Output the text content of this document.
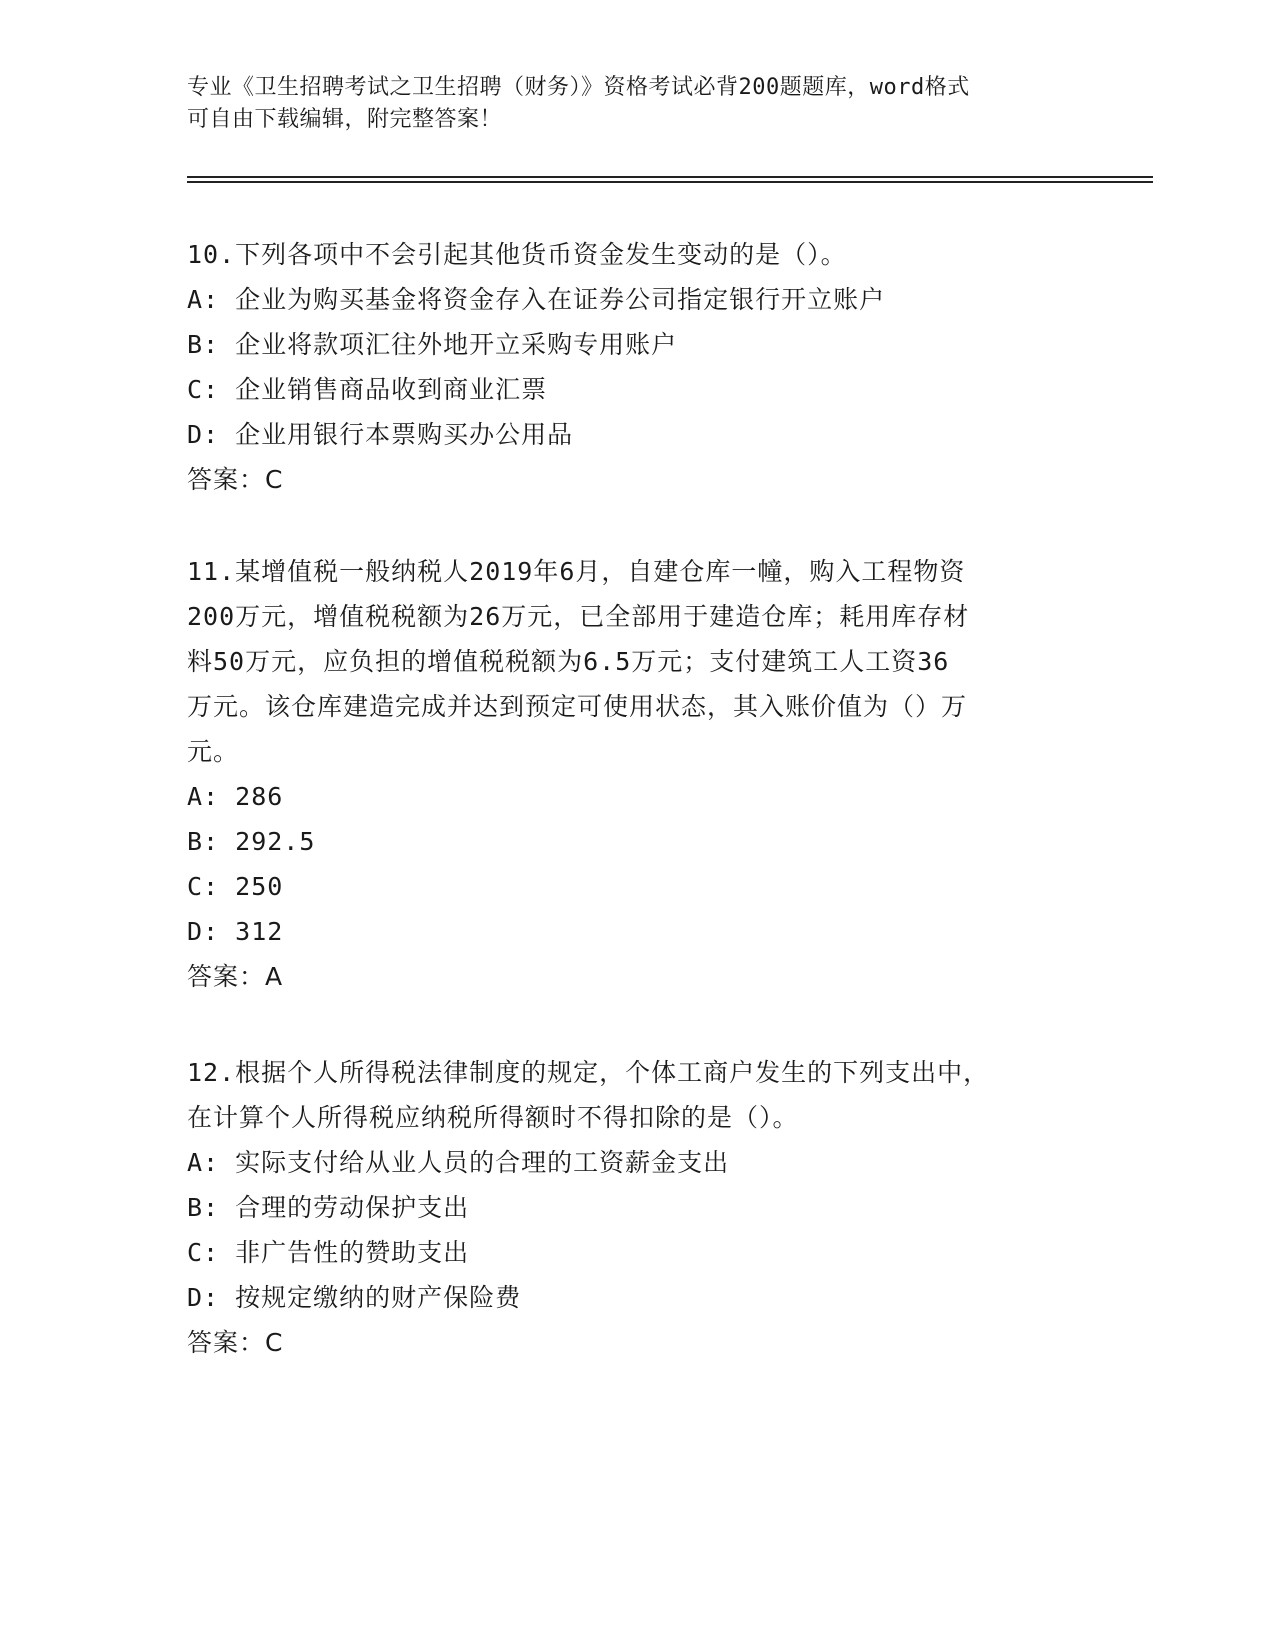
专业《卫生招聘考试之卫生招聘（财务）》资格考试必背200题题库，word格式
可自由下载编辑，附完整答案！

10.下列各项中不会引起其他货币资金发生变动的是（）。

A: 企业为购买基金将资金存入在证券公司指定银行开立账户

B: 企业将款项汇往外地开立采购专用账户

C: 企业销售商品收到商业汇票

D: 企业用银行本票购买办公用品

答案：C

11.某增值税一般纳税人2019年6月，自建仓库一幢，购入工程物资

200万元，增值税税额为26万元，已全部用于建造仓库；耗用库存材

料50万元，应负担的增值税税额为6.5万元；支付建筑工人工资36

万元。该仓库建造完成并达到预定可使用状态，其入账价值为（）万

元。

A: 286

B: 292.5

C: 250

D: 312

答案：A

12.根据个人所得税法律制度的规定，个体工商户发生的下列支出中，

在计算个人所得税应纳税所得额时不得扣除的是（）。

A: 实际支付给从业人员的合理的工资薪金支出

B: 合理的劳动保护支出

C: 非广告性的赞助支出

D: 按规定缴纳的财产保险费

答案：C
